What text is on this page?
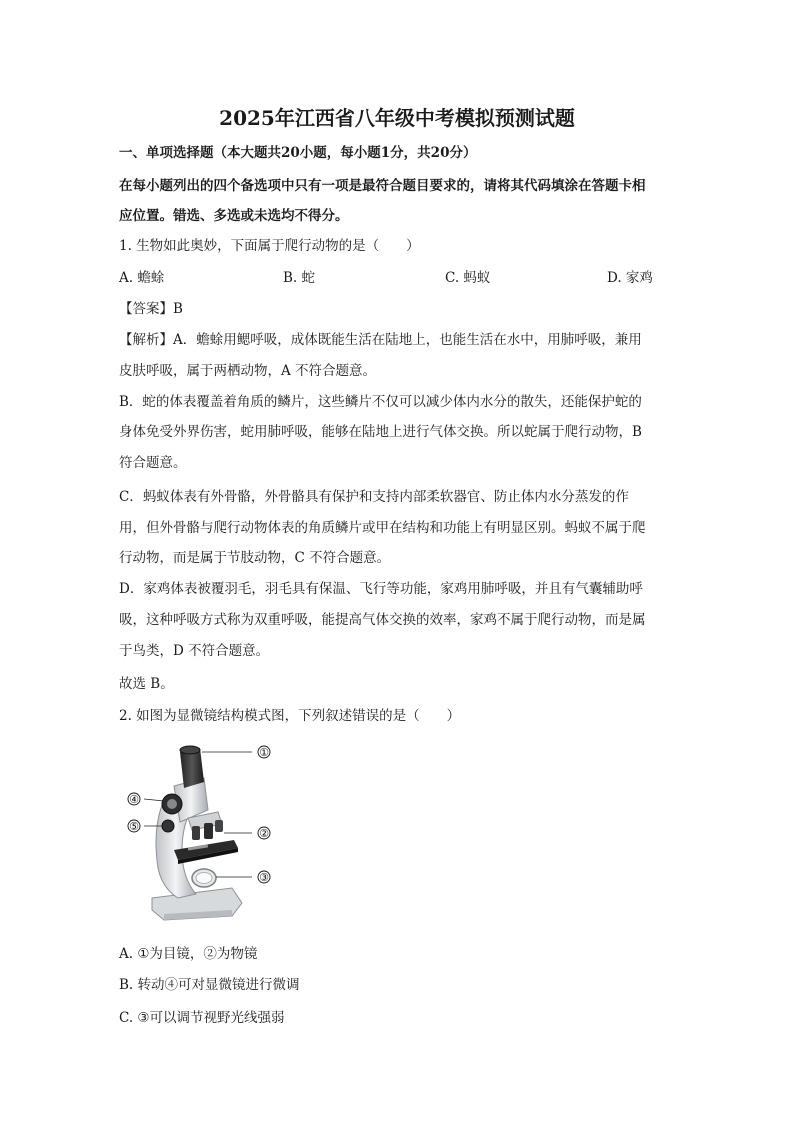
2025年江西省八年级中考模拟预测试题
一、单项选择题（本大题共20小题，每小题1分，共20分）
在每小题列出的四个备选项中只有一项是最符合题目要求的，请将其代码填涂在答题卡相
应位置。错选、多选或未选均不得分。
1. 生物如此奥妙，下面属于爬行动物的是（　　）
A. 蟾蜍	B. 蛇	C. 蚂蚁	D. 家鸡
【答案】B
【解析】A．蟾蜍用鳃呼吸，成体既能生活在陆地上，也能生活在水中，用肺呼吸，兼用
皮肤呼吸，属于两栖动物，A 不符合题意。
B．蛇的体表覆盖着角质的鳞片，这些鳞片不仅可以减少体内水分的散失，还能保护蛇的
身体免受外界伤害，蛇用肺呼吸，能够在陆地上进行气体交换。所以蛇属于爬行动物，B
符合题意。
C．蚂蚁体表有外骨骼，外骨骼具有保护和支持内部柔软器官、防止体内水分蒸发的作
用，但外骨骼与爬行动物体表的角质鳞片或甲在结构和功能上有明显区别。蚂蚁不属于爬
行动物，而是属于节肢动物，C 不符合题意。
D．家鸡体表被覆羽毛，羽毛具有保温、飞行等功能，家鸡用肺呼吸，并且有气囊辅助呼
吸，这种呼吸方式称为双重呼吸，能提高气体交换的效率，家鸡不属于爬行动物，而是属
于鸟类，D 不符合题意。
故选 B。
2. 如图为显微镜结构模式图，下列叙述错误的是（　　）
①
②
③
④
⑤
A. ①为目镜，②为物镜
B. 转动④可对显微镜进行微调
C. ③可以调节视野光线强弱
